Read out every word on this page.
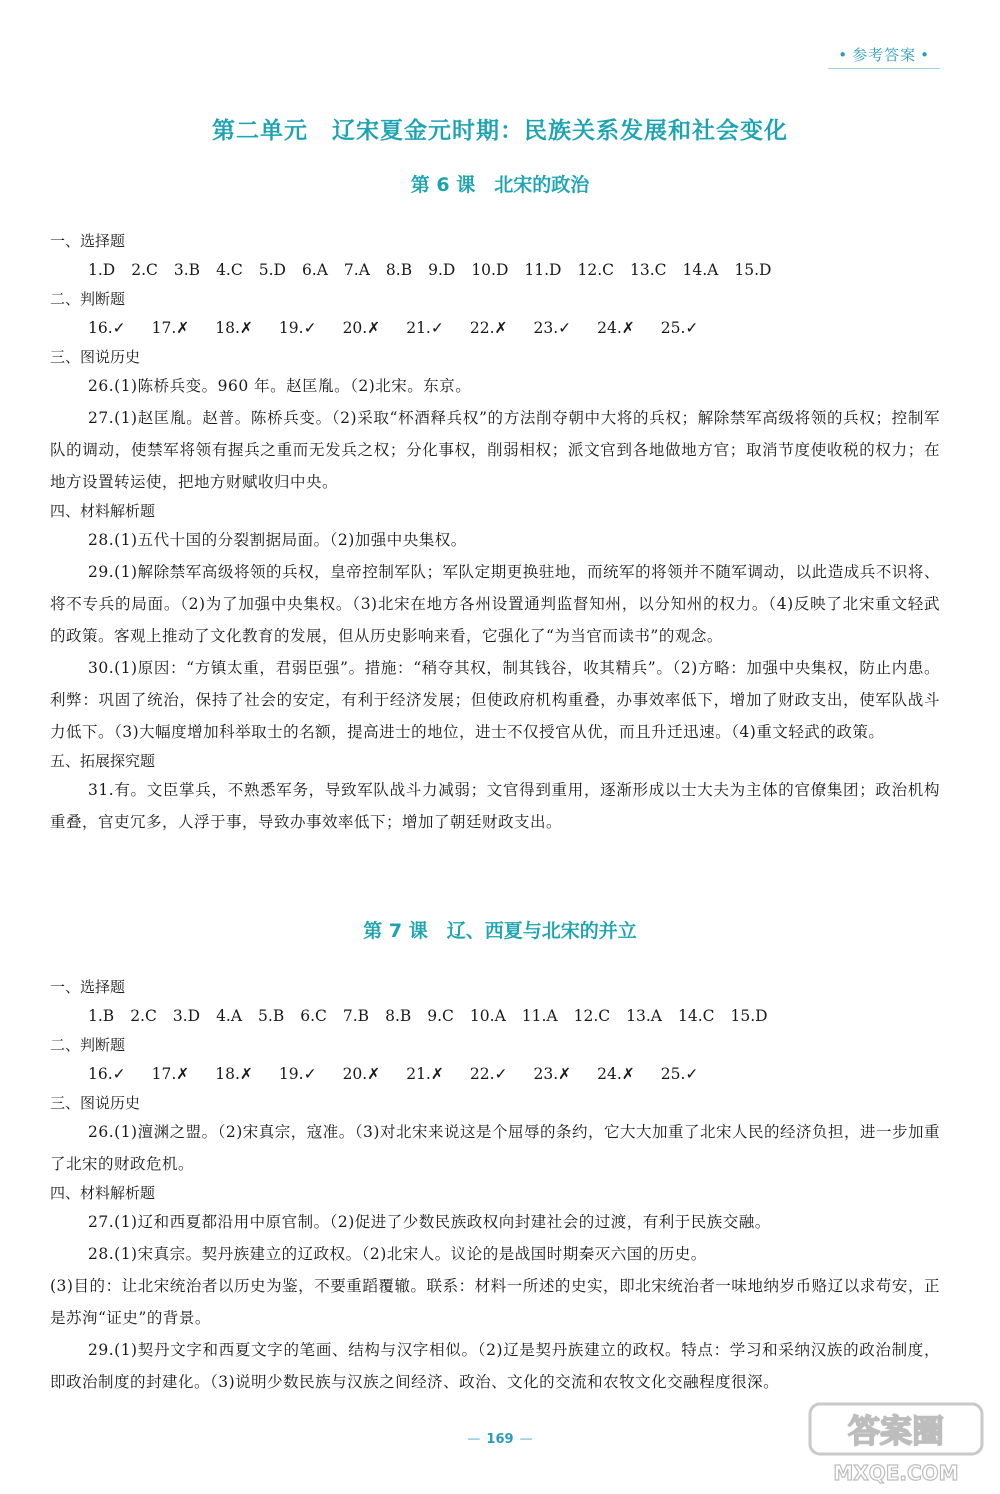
• 参考答案 •
第二单元　辽宋夏金元时期：民族关系发展和社会变化
第 6 课　北宋的政治

一、选择题

1.D 2.C 3.B 4.C 5.D 6.A 7.A 8.B 9.D 10.D 11.D 12.C 13.C 14.A 15.D

二、判断题

16.✓ 17.✗ 18.✗ 19.✓ 20.✗ 21.✓ 22.✗ 23.✓ 24.✗ 25.✓

三、图说历史

26.(1)陈桥兵变。960 年。赵匡胤。（2)北宋。东京。

27.(1)赵匡胤。赵普。陈桥兵变。（2)采取“杯酒释兵权”的方法削夺朝中大将的兵权；解除禁军高级将领的兵权；控制军队的调动，使禁军将领有握兵之重而无发兵之权；分化事权，削弱相权；派文官到各地做地方官；取消节度使收税的权力；在地方设置转运使，把地方财赋收归中央。

四、材料解析题

28.(1)五代十国的分裂割据局面。（2)加强中央集权。

29.(1)解除禁军高级将领的兵权，皇帝控制军队；军队定期更换驻地，而统军的将领并不随军调动，以此造成兵不识将、将不专兵的局面。（2)为了加强中央集权。（3)北宋在地方各州设置通判监督知州，以分知州的权力。（4)反映了北宋重文轻武的政策。客观上推动了文化教育的发展，但从历史影响来看，它强化了“为当官而读书”的观念。

30.(1)原因：“方镇太重，君弱臣强”。措施：“稍夺其权，制其钱谷，收其精兵”。（2)方略：加强中央集权，防止内患。利弊：巩固了统治，保持了社会的安定，有利于经济发展；但使政府机构重叠，办事效率低下，增加了财政支出，使军队战斗力低下。（3)大幅度增加科举取士的名额，提高进士的地位，进士不仅授官从优，而且升迁迅速。（4)重文轻武的政策。

五、拓展探究题

31.有。文臣掌兵，不熟悉军务，导致军队战斗力减弱；文官得到重用，逐渐形成以士大夫为主体的官僚集团；政治机构重叠，官吏冗多，人浮于事，导致办事效率低下；增加了朝廷财政支出。

第 7 课　辽、西夏与北宋的并立

一、选择题

1.B 2.C 3.D 4.A 5.B 6.C 7.B 8.B 9.C 10.A 11.A 12.C 13.A 14.C 15.D

二、判断题

16.✓ 17.✗ 18.✗ 19.✓ 20.✗ 21.✗ 22.✓ 23.✗ 24.✗ 25.✓

三、图说历史

26.(1)澶渊之盟。（2)宋真宗，寇准。（3)对北宋来说这是个屈辱的条约，它大大加重了北宋人民的经济负担，进一步加重了北宋的财政危机。

四、材料解析题

27.(1)辽和西夏都沿用中原官制。（2)促进了少数民族政权向封建社会的过渡，有利于民族交融。

28.(1)宋真宗。契丹族建立的辽政权。（2)北宋人。议论的是战国时期秦灭六国的历史。

(3)目的：让北宋统治者以历史为鉴，不要重蹈覆辙。联系：材料一所述的史实，即北宋统治者一味地纳岁币赂辽以求苟安，正是苏洵“证史”的背景。

29.(1)契丹文字和西夏文字的笔画、结构与汉字相似。（2)辽是契丹族建立的政权。特点：学习和采纳汉族的政治制度，即政治制度的封建化。（3)说明少数民族与汉族之间经济、政治、文化的交流和农牧文化交融程度很深。

— 169 —	答案圈
MXQE.COM
